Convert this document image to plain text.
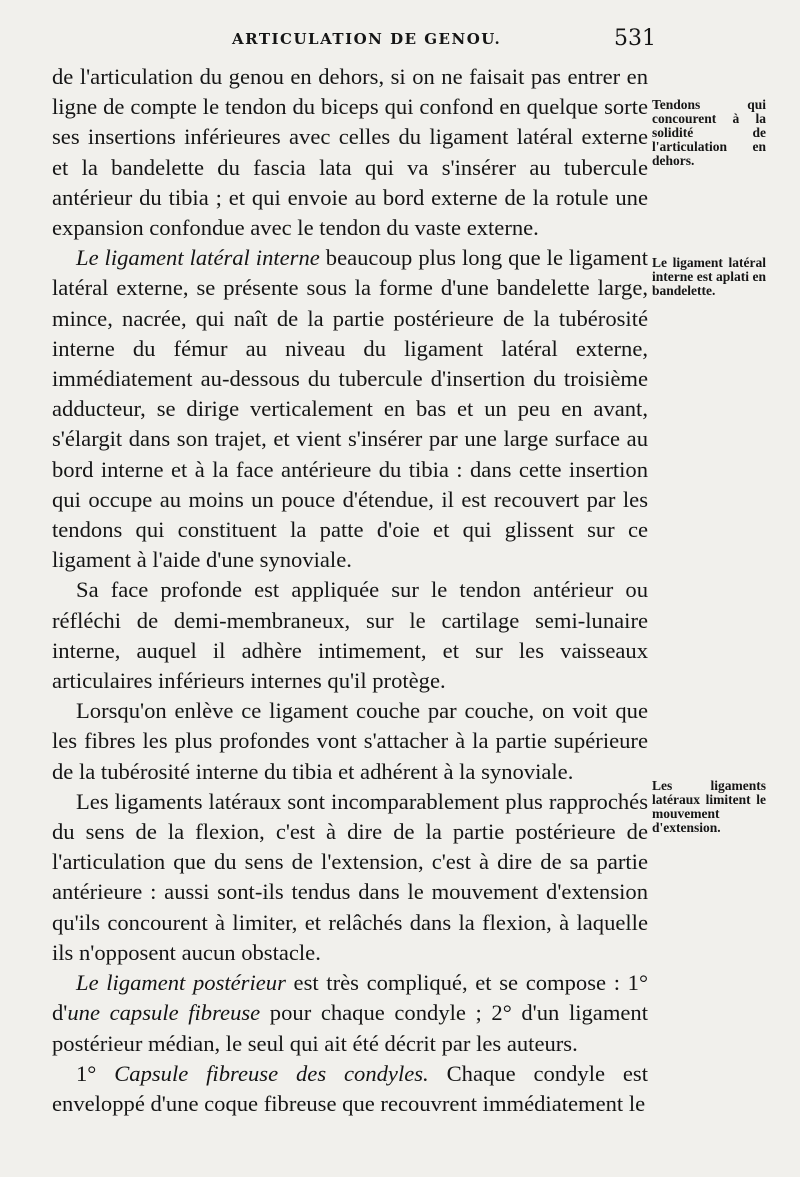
ARTICULATION DE GENOU.	531

de l'articulation du genou en dehors, si on ne faisait pas entrer en ligne de compte le tendon du biceps qui confond en quelque sorte ses insertions inférieures avec celles du ligament latéral externe et la bandelette du fascia lata qui va s'insérer au tubercule antérieur du tibia ; et qui envoie au bord externe de la rotule une expansion confondue avec le tendon du vaste externe.

Le ligament latéral interne beaucoup plus long que le ligament latéral externe, se présente sous la forme d'une bandelette large, mince, nacrée, qui naît de la partie postérieure de la tubérosité interne du fémur au niveau du ligament latéral externe, immédiatement au-dessous du tubercule d'insertion du troisième adducteur, se dirige verticalement en bas et un peu en avant, s'élargit dans son trajet, et vient s'insérer par une large surface au bord interne et à la face antérieure du tibia : dans cette insertion qui occupe au moins un pouce d'étendue, il est recouvert par les tendons qui constituent la patte d'oie et qui glissent sur ce ligament à l'aide d'une synoviale.

Sa face profonde est appliquée sur le tendon antérieur ou réfléchi de demi-membraneux, sur le cartilage semi-lunaire interne, auquel il adhère intimement, et sur les vaisseaux articulaires inférieurs internes qu'il protège.

Lorsqu'on enlève ce ligament couche par couche, on voit que les fibres les plus profondes vont s'attacher à la partie supérieure de la tubérosité interne du tibia et adhérent à la synoviale.

Les ligaments latéraux sont incomparablement plus rapprochés du sens de la flexion, c'est à dire de la partie postérieure de l'articulation que du sens de l'extension, c'est à dire de sa partie antérieure : aussi sont-ils tendus dans le mouvement d'extension qu'ils concourent à limiter, et relâchés dans la flexion, à laquelle ils n'opposent aucun obstacle.

Le ligament postérieur est très compliqué, et se compose : 1° d'une capsule fibreuse pour chaque condyle ; 2° d'un ligament postérieur médian, le seul qui ait été décrit par les auteurs.

1° Capsule fibreuse des condyles. Chaque condyle est enveloppé d'une coque fibreuse que recouvrent immédiatement le

Tendons qui concourent à la solidité de l'articulation en dehors.
Le ligament latéral interne est aplati en bandelette.
Les ligaments latéraux limitent le mouvement d'extension.
